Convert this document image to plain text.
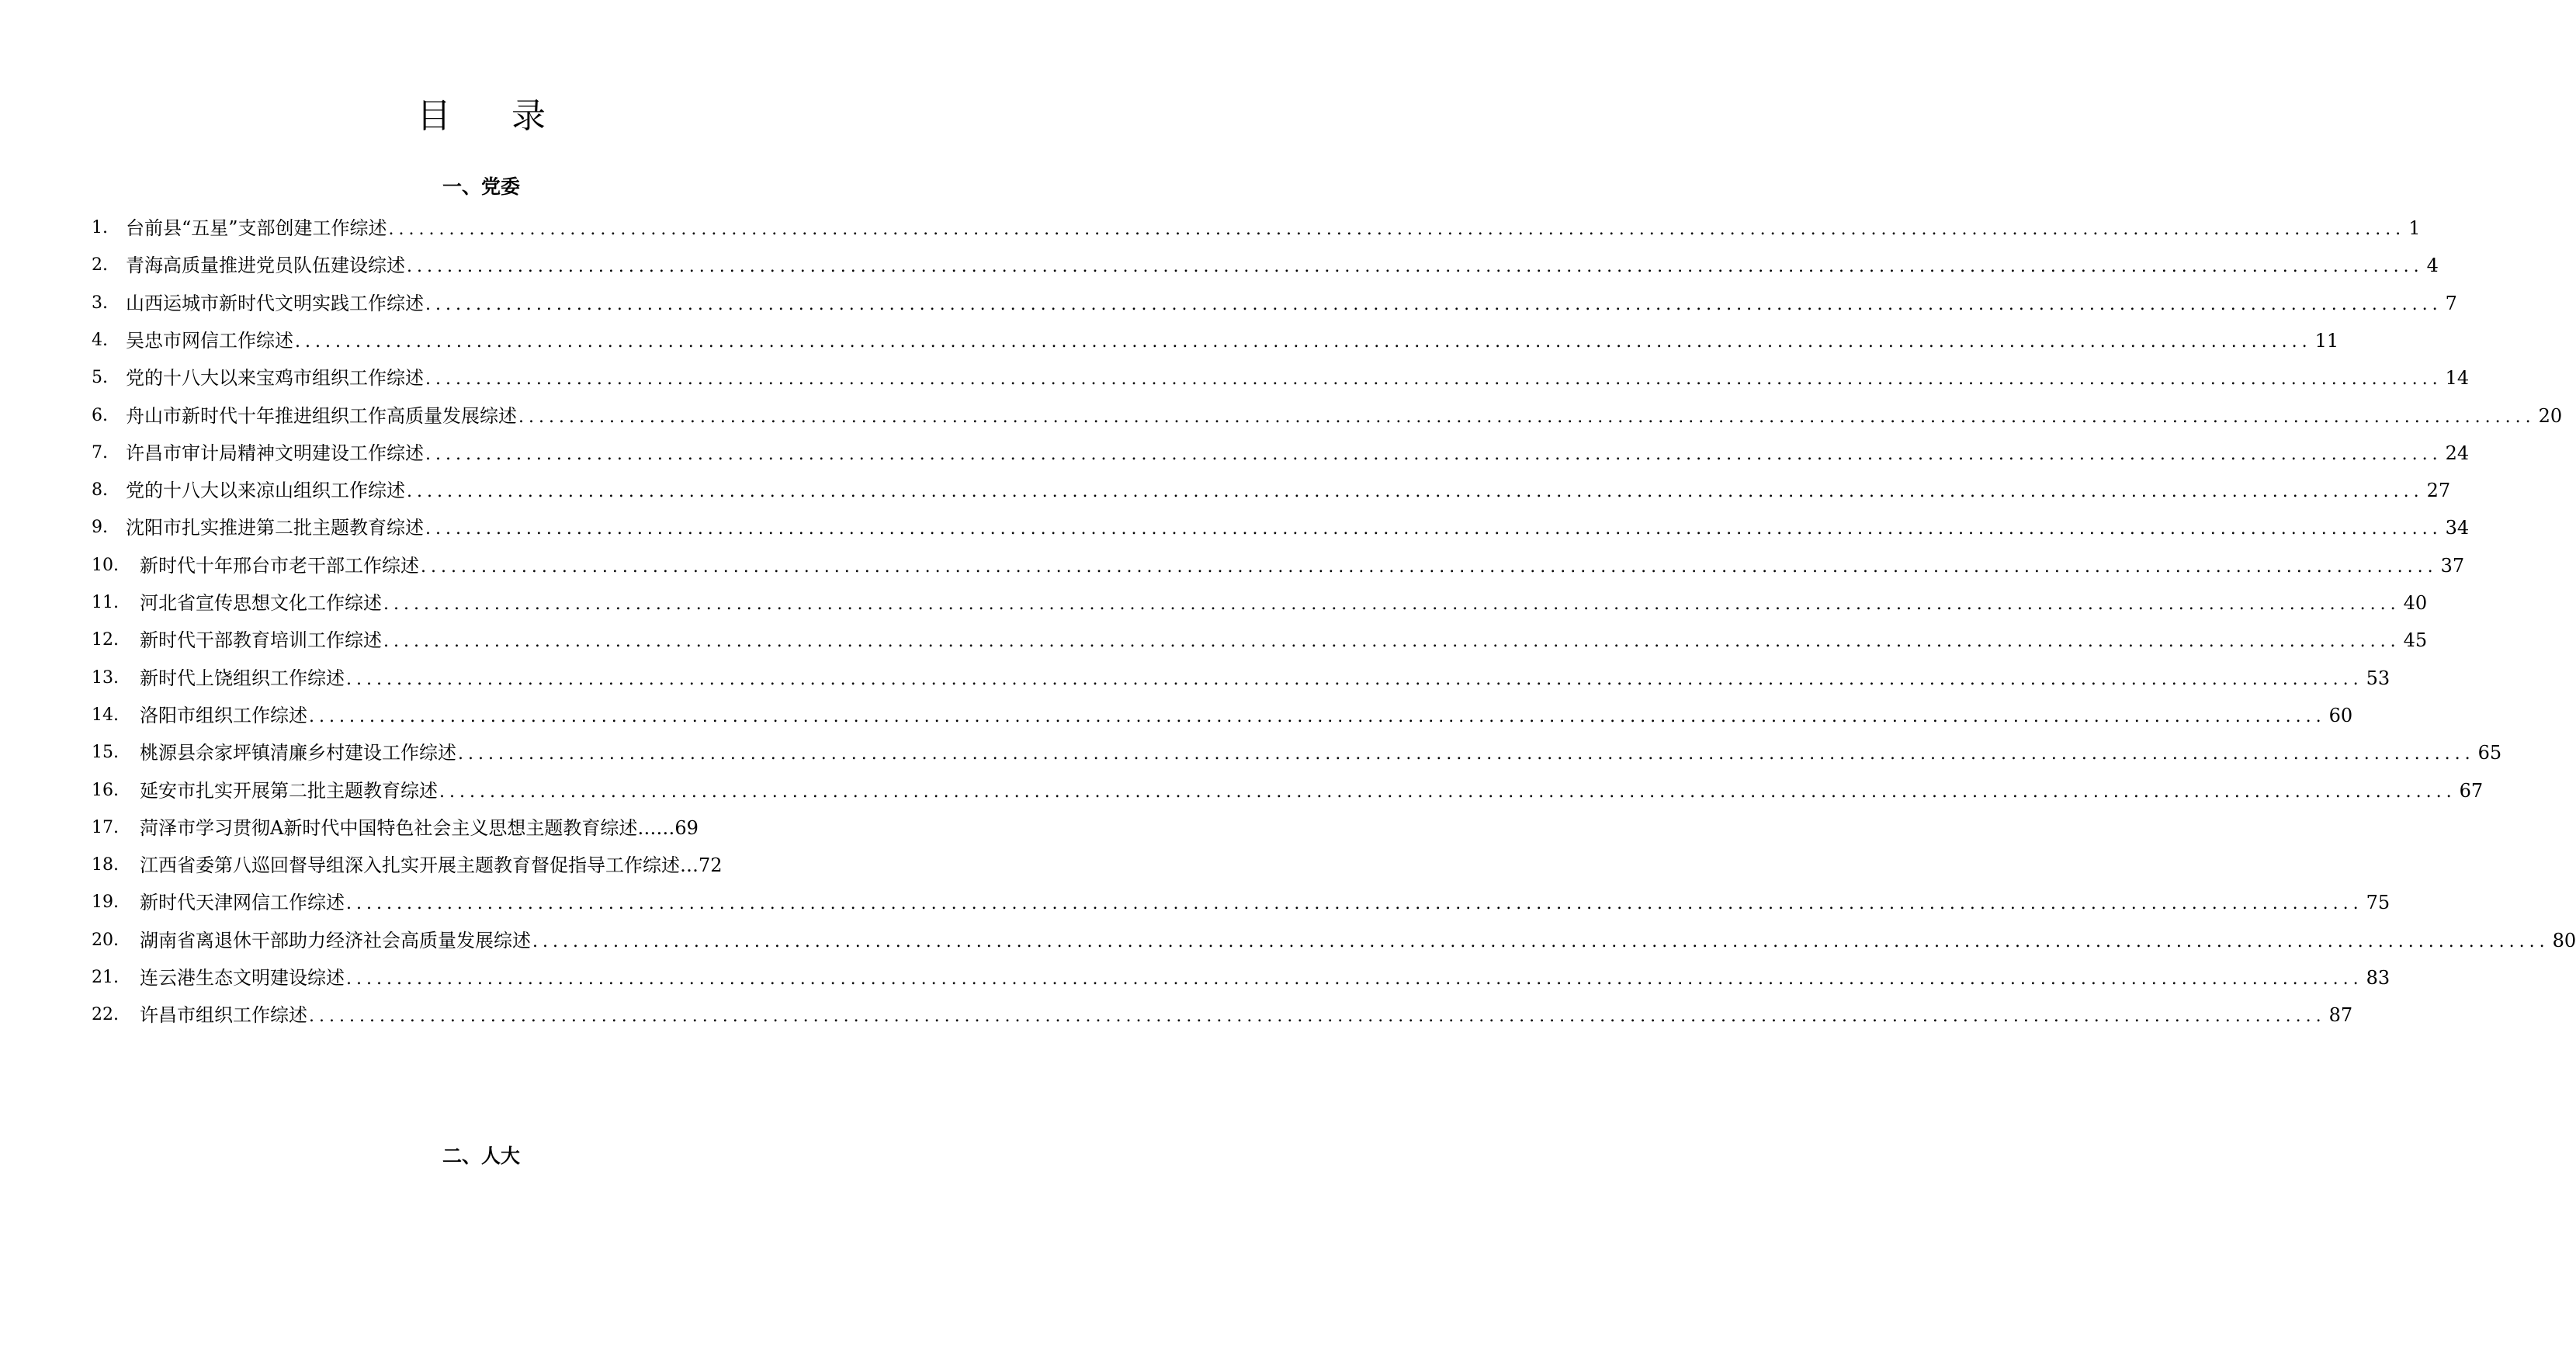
目 录
一、党委
1. 台前县“五星”支部创建工作综述 ........................................................................................................................................................................................................ 1
2. 青海高质量推进党员队伍建设综述 ........................................................................................................................................................................................................ 4
3. 山西运城市新时代文明实践工作综述 ........................................................................................................................................................................................................ 7
4. 吴忠市网信工作综述 ........................................................................................................................................................................................................ 11
5. 党的十八大以来宝鸡市组织工作综述 ........................................................................................................................................................................................................ 14
6. 舟山市新时代十年推进组织工作高质量发展综述 ........................................................................................................................................................................................................ 20
7. 许昌市审计局精神文明建设工作综述 ........................................................................................................................................................................................................ 24
8. 党的十八大以来凉山组织工作综述 ........................................................................................................................................................................................................ 27
9. 沈阳市扎实推进第二批主题教育综述 ........................................................................................................................................................................................................ 34
10. 新时代十年邢台市老干部工作综述 ........................................................................................................................................................................................................ 37
11. 河北省宣传思想文化工作综述 ........................................................................................................................................................................................................ 40
12. 新时代干部教育培训工作综述 ........................................................................................................................................................................................................ 45
13. 新时代上饶组织工作综述 ........................................................................................................................................................................................................ 53
14. 洛阳市组织工作综述 ........................................................................................................................................................................................................ 60
15. 桃源县佘家坪镇清廉乡村建设工作综述 ........................................................................................................................................................................................................ 65
16. 延安市扎实开展第二批主题教育综述 ........................................................................................................................................................................................................ 67
17. 菏泽市学习贯彻A新时代中国特色社会主义思想主题教育综述……69
18. 江西省委第八巡回督导组深入扎实开展主题教育督促指导工作综述…72
19. 新时代天津网信工作综述 ........................................................................................................................................................................................................ 75
20. 湖南省离退休干部助力经济社会高质量发展综述 ........................................................................................................................................................................................................ 80
21. 连云港生态文明建设综述 ........................................................................................................................................................................................................ 83
22. 许昌市组织工作综述 ........................................................................................................................................................................................................ 87
二、人大
